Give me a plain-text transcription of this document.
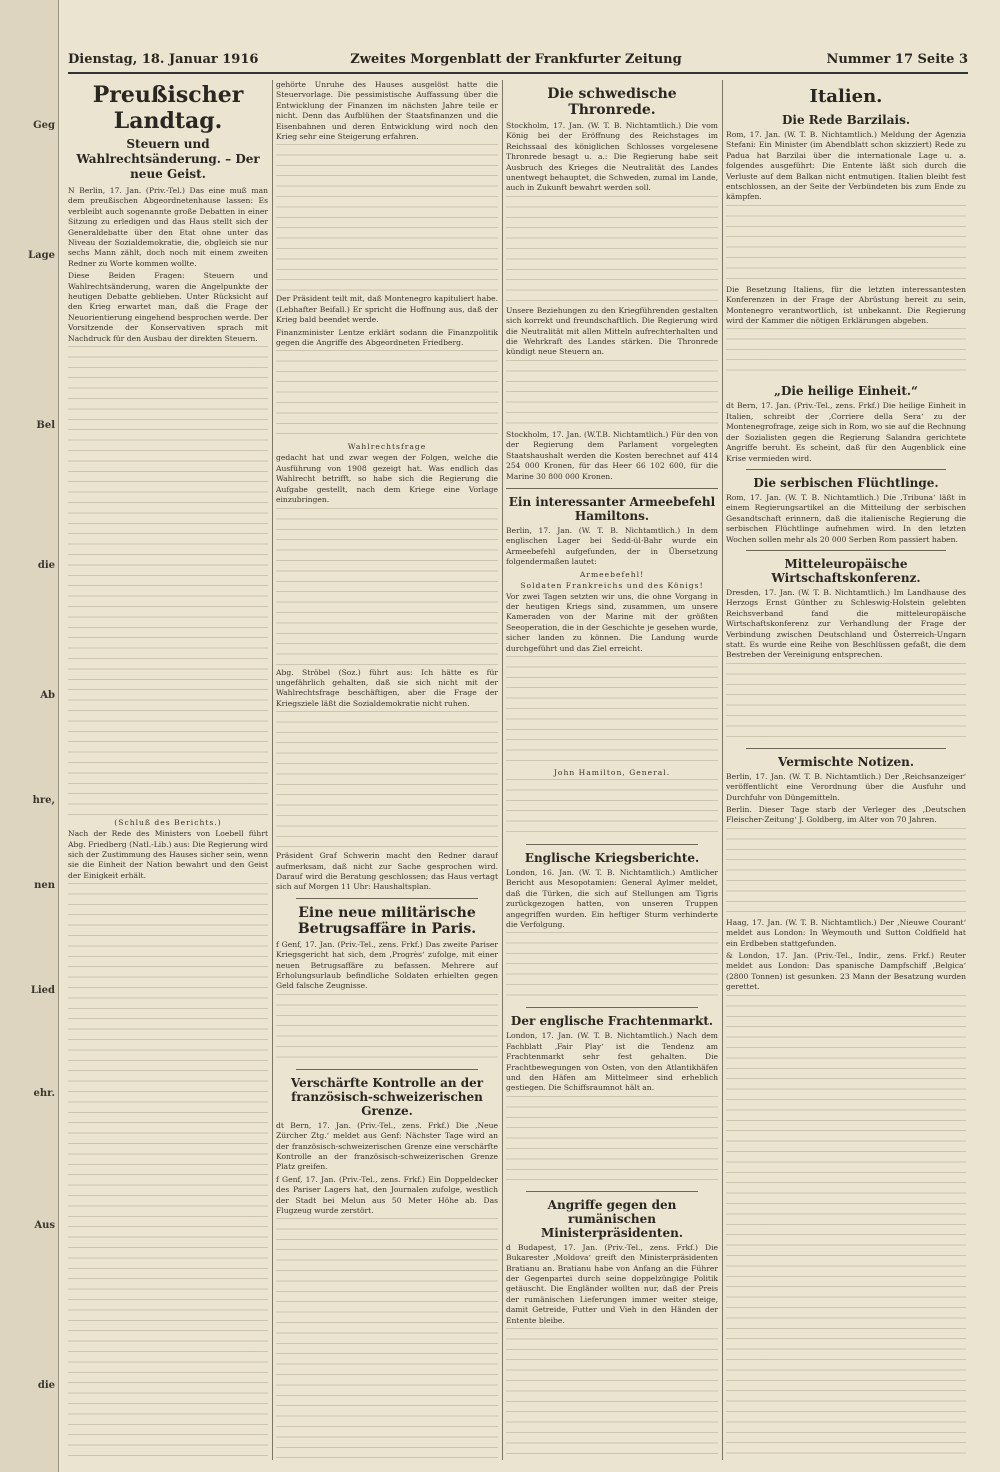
Geg
Lage
Bel
die
Ab
hre,
nen
Lied
ehr.
Aus
die
Dienstag, 18. Januar 1916	Zweites Morgenblatt der Frankfurter Zeitung	Nummer 17 Seite 3
Preußischer Landtag.
Steuern und Wahlrechtsänderung. – Der neue Geist.

N Berlin, 17. Jan. (Priv.-Tel.) Das eine muß man dem preußischen Abgeordnetenhause lassen: Es verbleibt auch sogenannte große Debatten in einer Sitzung zu erledigen und das Haus stellt sich der Generaldebatte über den Etat ohne unter das Niveau der Sozialdemokratie, die, obgleich sie nur sechs Mann zählt, doch noch mit einem zweiten Redner zu Worte kommen wollte.

Diese Beiden Fragen: Steuern und Wahlrechtsänderung, waren die Angelpunkte der heutigen Debatte geblieben. Unter Rücksicht auf den Krieg erwartet man, daß die Frage der Neuorientierung eingehend besprochen werde. Der Vorsitzende der Konservativen sprach mit Nachdruck für den Ausbau der direkten Steuern.

(Schluß des Berichts.)

Nach der Rede des Ministers von Loebell führt Abg. Friedberg (Natl.-Lib.) aus: Die Regierung wird sich der Zustimmung des Hauses sicher sein, wenn sie die Einheit der Nation bewahrt und den Geist der Einigkeit erhält.

gehörte Unruhe des Hauses ausgelöst hatte die Steuervorlage. Die pessimistische Auffassung über die Entwicklung der Finanzen im nächsten Jahre teile er nicht. Denn das Aufblühen der Staatsfinanzen und die Eisenbahnen und deren Entwicklung wird noch den Krieg sehr eine Steigerung erfahren.

Der Präsident teilt mit, daß Montenegro kapituliert habe. (Lebhafter Beifall.) Er spricht die Hoffnung aus, daß der Krieg bald beendet werde.

Finanzminister Lentze erklärt sodann die Finanzpolitik gegen die Angriffe des Abgeordneten Friedberg.

Wahlrechtsfrage

gedacht hat und zwar wegen der Folgen, welche die Ausführung von 1908 gezeigt hat. Was endlich das Wahlrecht betrifft, so habe sich die Regierung die Aufgabe gestellt, nach dem Kriege eine Vorlage einzubringen.

Abg. Ströbel (Soz.) führt aus: Ich hätte es für ungefährlich gehalten, daß sie sich nicht mit der Wahlrechtsfrage beschäftigen, aber die Frage der Kriegsziele läßt die Sozialdemokratie nicht ruhen.

Präsident Graf Schwerin macht den Redner darauf aufmerksam, daß nicht zur Sache gesprochen wird. Darauf wird die Beratung geschlossen; das Haus vertagt sich auf Morgen 11 Uhr: Haushaltsplan.

Eine neue militärische Betrugsaffäre in Paris.

f Genf, 17. Jan. (Priv.-Tel., zens. Frkf.) Das zweite Pariser Kriegsgericht hat sich, dem ‚Progrès‘ zufolge, mit einer neuen Betrugsaffäre zu befassen. Mehrere auf Erholungsurlaub befindliche Soldaten erhielten gegen Geld falsche Zeugnisse.

Verschärfte Kontrolle an der französisch-schweizerischen Grenze.

dt Bern, 17. Jan. (Priv.-Tel., zens. Frkf.) Die ‚Neue Zürcher Ztg.‘ meldet aus Genf: Nächster Tage wird an der französisch-schweizerischen Grenze eine verschärfte Kontrolle an der französisch-schweizerischen Grenze Platz greifen.

f Genf, 17. Jan. (Priv.-Tel., zens. Frkf.) Ein Doppeldecker des Pariser Lagers hat, den Journalen zufolge, westlich der Stadt bei Melun aus 50 Meter Höhe ab. Das Flugzeug wurde zerstört.

Die schwedische Thronrede.

Stockholm, 17. Jan. (W. T. B. Nichtamtlich.) Die vom König bei der Eröffnung des Reichstages im Reichssaal des königlichen Schlosses vorgelesene Thronrede besagt u. a.: Die Regierung habe seit Ausbruch des Krieges die Neutralität des Landes unentwegt behauptet, die Schweden, zumal im Lande, auch in Zukunft bewahrt werden soll.

Unsere Beziehungen zu den Kriegführenden gestalten sich korrekt und freundschaftlich. Die Regierung wird die Neutralität mit allen Mitteln aufrechterhalten und die Wehrkraft des Landes stärken. Die Thronrede kündigt neue Steuern an.

Stockholm, 17. Jan. (W.T.B. Nichtamtlich.) Für den von der Regierung dem Parlament vorgelegten Staatshaushalt werden die Kosten berechnet auf 414 254 000 Kronen, für das Heer 66 102 600, für die Marine 30 800 000 Kronen.

Ein interessanter Armeebefehl Hamiltons.

Berlin, 17. Jan. (W. T. B. Nichtamtlich.) In dem englischen Lager bei Sedd-ül-Bahr wurde ein Armeebefehl aufgefunden, der in Übersetzung folgendermaßen lautet:

Armeebefehl!
Soldaten Frankreichs und des Königs!

Vor zwei Tagen setzten wir uns, die ohne Vorgang in der heutigen Kriegs sind, zusammen, um unsere Kameraden von der Marine mit der größten Seeoperation, die in der Geschichte je gesehen wurde, sicher landen zu können. Die Landung wurde durchgeführt und das Ziel erreicht.

John Hamilton, General.
Englische Kriegsberichte.

London, 16. Jan. (W. T. B. Nichtamtlich.) Amtlicher Bericht aus Mesopotamien: General Aylmer meldet, daß die Türken, die sich auf Stellungen am Tigris zurückgezogen hatten, von unseren Truppen angegriffen wurden. Ein heftiger Sturm verhinderte die Verfolgung.

Der englische Frachtenmarkt.

London, 17. Jan. (W. T. B. Nichtamtlich.) Nach dem Fachblatt ‚Fair Play‘ ist die Tendenz am Frachtenmarkt sehr fest gehalten. Die Frachtbewegungen von Osten, von den Atlantikhäfen und den Häfen am Mittelmeer sind erheblich gestiegen. Die Schiffsraumnot hält an.

Angriffe gegen den rumänischen Ministerpräsidenten.

d Budapest, 17. Jan. (Priv.-Tel., zens. Frkf.) Die Bukarester ‚Moldova‘ greift den Ministerpräsidenten Bratianu an. Bratianu habe von Anfang an die Führer der Gegenpartei durch seine doppelzüngige Politik getäuscht. Die Engländer wollten nur, daß der Preis der rumänischen Lieferungen immer weiter steige, damit Getreide, Futter und Vieh in den Händen der Entente bleibe.

Italien.
Die Rede Barzilais.

Rom, 17. Jan. (W. T. B. Nichtamtlich.) Meldung der Agenzia Stefani: Ein Minister (im Abendblatt schon skizziert) Rede zu Padua hat Barzilai über die internationale Lage u. a. folgendes ausgeführt: Die Entente läßt sich durch die Verluste auf dem Balkan nicht entmutigen. Italien bleibt fest entschlossen, an der Seite der Verbündeten bis zum Ende zu kämpfen.

Die Besetzung Italiens, für die letzten interessantesten Konferenzen in der Frage der Abrüstung bereit zu sein, Montenegro verantwortlich, ist unbekannt. Die Regierung wird der Kammer die nötigen Erklärungen abgeben.

„Die heilige Einheit.“

dt Bern, 17. Jan. (Priv.-Tel., zens. Frkf.) Die heilige Einheit in Italien, schreibt der ‚Corriere della Sera‘ zu der Montenegrofrage, zeige sich in Rom, wo sie auf die Rechnung der Sozialisten gegen die Regierung Salandra gerichtete Angriffe beruht. Es scheint, daß für den Augenblick eine Krise vermieden wird.

Die serbischen Flüchtlinge.

Rom, 17. Jan. (W. T. B. Nichtamtlich.) Die ‚Tribuna‘ läßt in einem Regierungsartikel an die Mitteilung der serbischen Gesandtschaft erinnern, daß die italienische Regierung die serbischen Flüchtlinge aufnehmen wird. In den letzten Wochen sollen mehr als 20 000 Serben Rom passiert haben.

Mitteleuropäische Wirtschaftskonferenz.

Dresden, 17. Jan. (W. T. B. Nichtamtlich.) Im Landhause des Herzogs Ernst Günther zu Schleswig-Holstein gelebten Reichsverband fand die mitteleuropäische Wirtschaftskonferenz zur Verhandlung der Frage der Verbindung zwischen Deutschland und Österreich-Ungarn statt. Es wurde eine Reihe von Beschlüssen gefaßt, die dem Bestreben der Vereinigung entsprechen.

Vermischte Notizen.

Berlin, 17. Jan. (W. T. B. Nichtamtlich.) Der ‚Reichsanzeiger‘ veröffentlicht eine Verordnung über die Ausfuhr und Durchfuhr von Düngemitteln.

Berlin. Dieser Tage starb der Verleger des ‚Deutschen Fleischer-Zeitung‘ J. Goldberg, im Alter von 70 Jahren.

Haag, 17. Jan. (W. T. B. Nichtamtlich.) Der ‚Nieuwe Courant‘ meldet aus London: In Weymouth und Sutton Coldfield hat ein Erdbeben stattgefunden.

& London, 17. Jan. (Priv.-Tel., Indir., zens. Frkf.) Reuter meldet aus London: Das spanische Dampfschiff ‚Belgica‘ (2800 Tonnen) ist gesunken. 23 Mann der Besatzung wurden gerettet.
